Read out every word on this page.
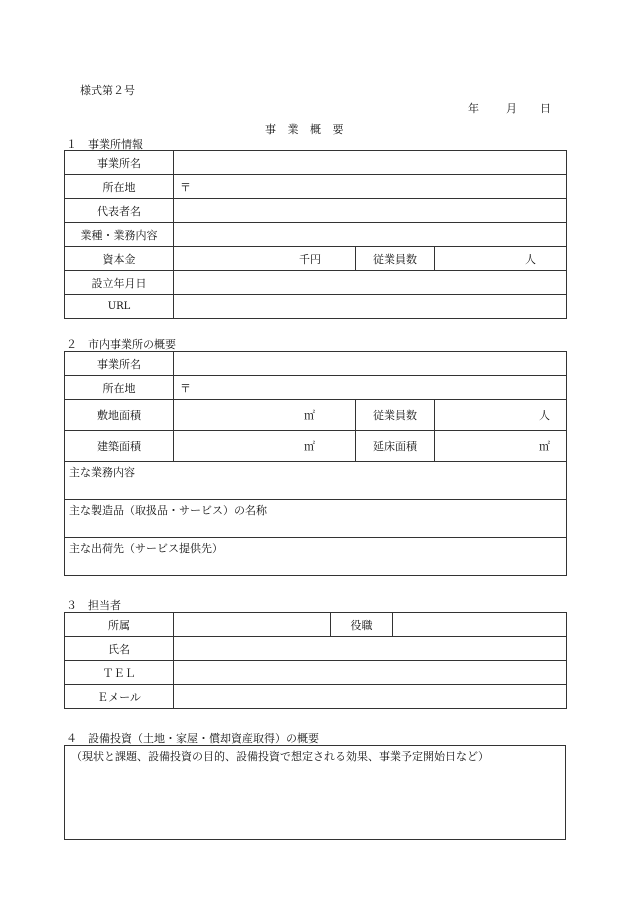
様式第２号
年 月 日
事 業 概 要
１　事業所情報
事業所名			
所在地	〒		
代表者名			
業種・業務内容			
資本金	千円	従業員数	人
設立年月日			
URL			
２　市内事業所の概要
事業所名			
所在地	〒		
敷地面積	㎡	従業員数	人
建築面積	㎡	延床面積	㎡
主な業務内容			
主な製造品（取扱品・サービス）の名称			
主な出荷先（サービス提供先）			
３　担当者
所属		役職	
氏名			
ＴＥＬ			
Ｅメール			
４　設備投資（土地・家屋・償却資産取得）の概要
（現状と課題、設備投資の目的、設備投資で想定される効果、事業予定開始日など）
